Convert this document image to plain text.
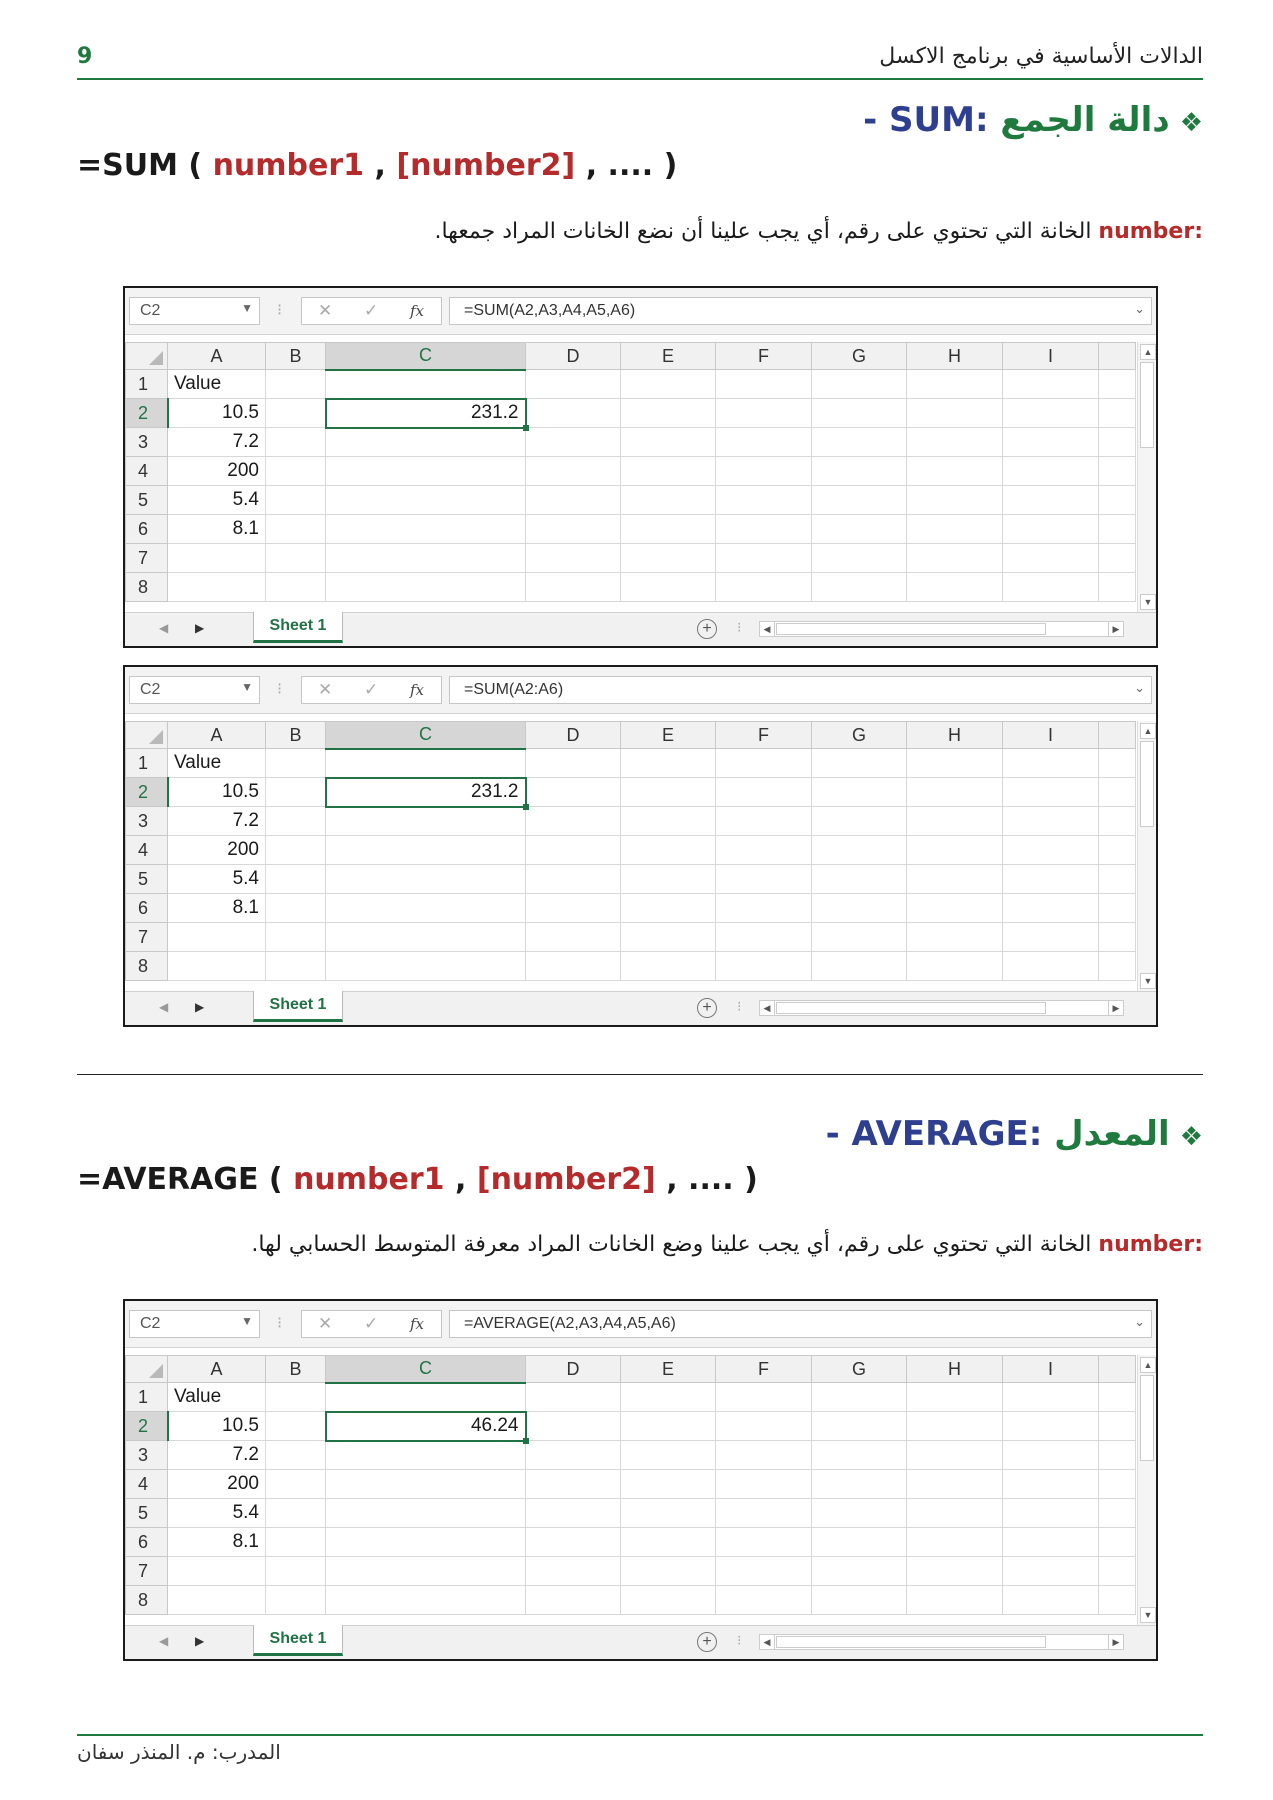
9	الدالات الأساسية في برنامج الاكسل
❖دالة الجمع - SUM:
=SUM ( number1 , [number2] , .... )
number: الخانة التي تحتوي على رقم، أي يجب علينا أن نضع الخانات المراد جمعها.
C2	▼ ⁝ ✕ ✓ fx	=SUM(A2,A3,A4,A5,A6)	⌄
	A	B	C	D	E	F	G	H	I	
1	Value									
2	10.5		231.2							
3	7.2									
4	200									
5	5.4									
6	8.1									
7										
8										
▲
▼
◀ ▶	Sheet 1	+	⁝	◀	▶
C2	▼ ⁝ ✕ ✓ fx	=SUM(A2:A6)	⌄
	A	B	C	D	E	F	G	H	I	
1	Value									
2	10.5		231.2							
3	7.2									
4	200									
5	5.4									
6	8.1									
7										
8										
▲
▼
◀ ▶	Sheet 1	+	⁝	◀	▶
❖المعدل - AVERAGE:
=AVERAGE ( number1 , [number2] , .... )
number: الخانة التي تحتوي على رقم، أي يجب علينا وضع الخانات المراد معرفة المتوسط الحسابي لها.
C2	▼ ⁝ ✕ ✓ fx	=AVERAGE(A2,A3,A4,A5,A6)	⌄
	A	B	C	D	E	F	G	H	I	
1	Value									
2	10.5		46.24							
3	7.2									
4	200									
5	5.4									
6	8.1									
7										
8										
▲
▼
◀ ▶	Sheet 1	+	⁝	◀	▶
المدرب: م. المنذر سفان
